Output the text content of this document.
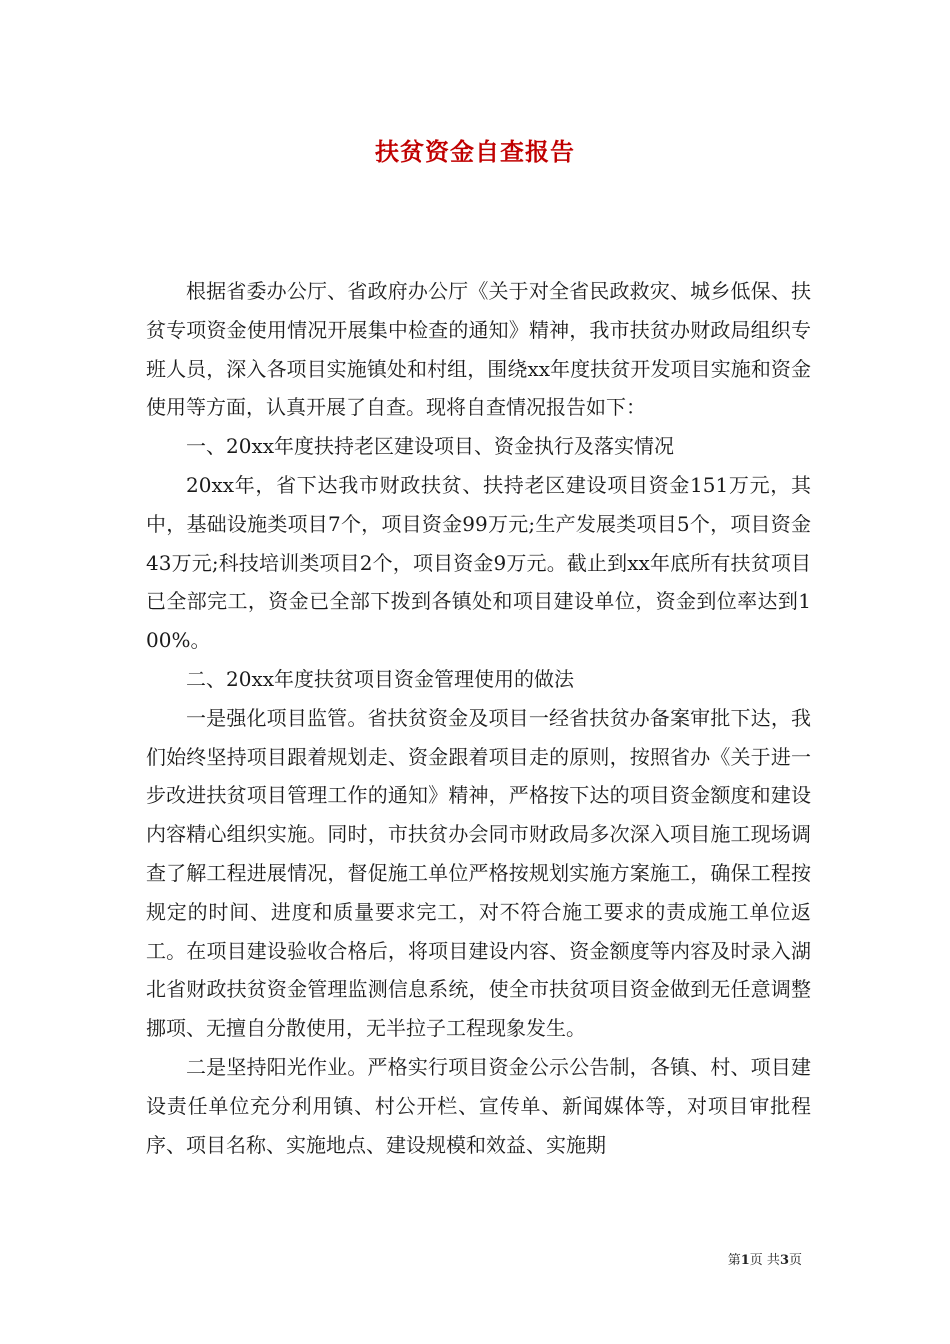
扶贫资金自查报告

根据省委办公厅、省政府办公厅《关于对全省民政救灾、城乡低保、扶贫专项资金使用情况开展集中检查的通知》精神，我市扶贫办财政局组织专班人员，深入各项目实施镇处和村组，围绕xx年度扶贫开发项目实施和资金使用等方面，认真开展了自查。现将自查情况报告如下：

一、20xx年度扶持老区建设项目、资金执行及落实情况

20xx年，省下达我市财政扶贫、扶持老区建设项目资金151万元，其中，基础设施类项目7个，项目资金99万元;生产发展类项目5个，项目资金43万元;科技培训类项目2个，项目资金9万元。截止到xx年底所有扶贫项目已全部完工，资金已全部下拨到各镇处和项目建设单位，资金到位率达到100%。

二、20xx年度扶贫项目资金管理使用的做法

一是强化项目监管。省扶贫资金及项目一经省扶贫办备案审批下达，我们始终坚持项目跟着规划走、资金跟着项目走的原则，按照省办《关于进一步改进扶贫项目管理工作的通知》精神，严格按下达的项目资金额度和建设内容精心组织实施。同时，市扶贫办会同市财政局多次深入项目施工现场调查了解工程进展情况，督促施工单位严格按规划实施方案施工，确保工程按规定的时间、进度和质量要求完工，对不符合施工要求的责成施工单位返工。在项目建设验收合格后，将项目建设内容、资金额度等内容及时录入湖北省财政扶贫资金管理监测信息系统，使全市扶贫项目资金做到无任意调整挪项、无擅自分散使用，无半拉子工程现象发生。

二是坚持阳光作业。严格实行项目资金公示公告制，各镇、村、项目建设责任单位充分利用镇、村公开栏、宣传单、新闻媒体等，对项目审批程序、项目名称、实施地点、建设规模和效益、实施期

第1页 共3页
